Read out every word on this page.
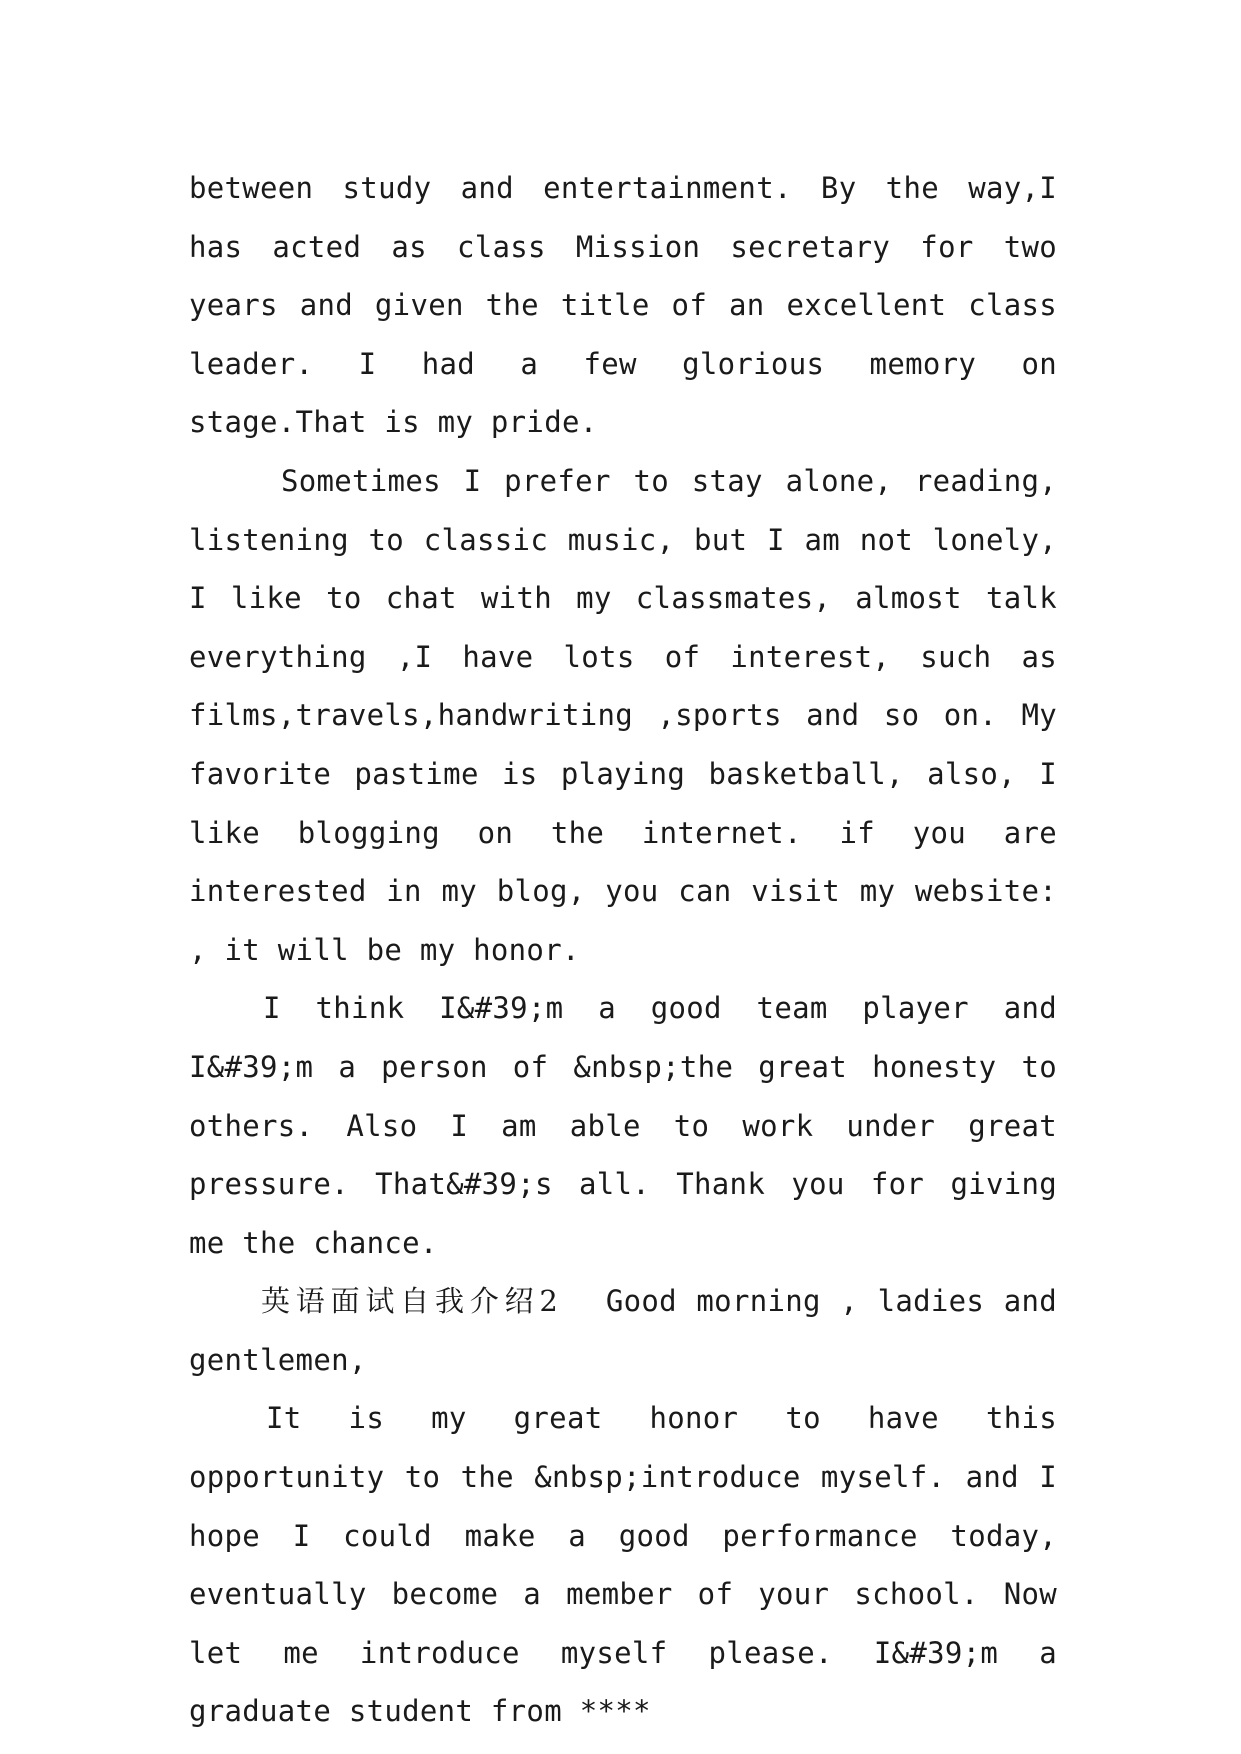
between study and entertainment. By the way,I has acted as class Mission secretary for two years and given the title of an excellent class leader. I had a few glorious memory on stage.That is my pride.

Sometimes I prefer to stay alone, reading, listening to classic music, but I am not lonely, I like to chat with my classmates, almost talk everything ,I have lots of interest, such as films,travels,handwriting ,sports and so on. My favorite pastime is playing basketball, also, I like blogging on the internet. if you are interested in my blog, you can visit my website: , it will be my honor.

I think I&#39;m a good team player and I&#39;m a person of &nbsp;the great honesty to others. Also I am able to work under great pressure. That&#39;s all. Thank you for giving me the chance.

英语面试自我介绍2 Good morning , ladies and gentlemen,

It is my great honor to have this opportunity to the &nbsp;introduce myself. and I hope I could make a good performance today, eventually become a member of your school. Now let me introduce myself please. I&#39;m a graduate student from ****
